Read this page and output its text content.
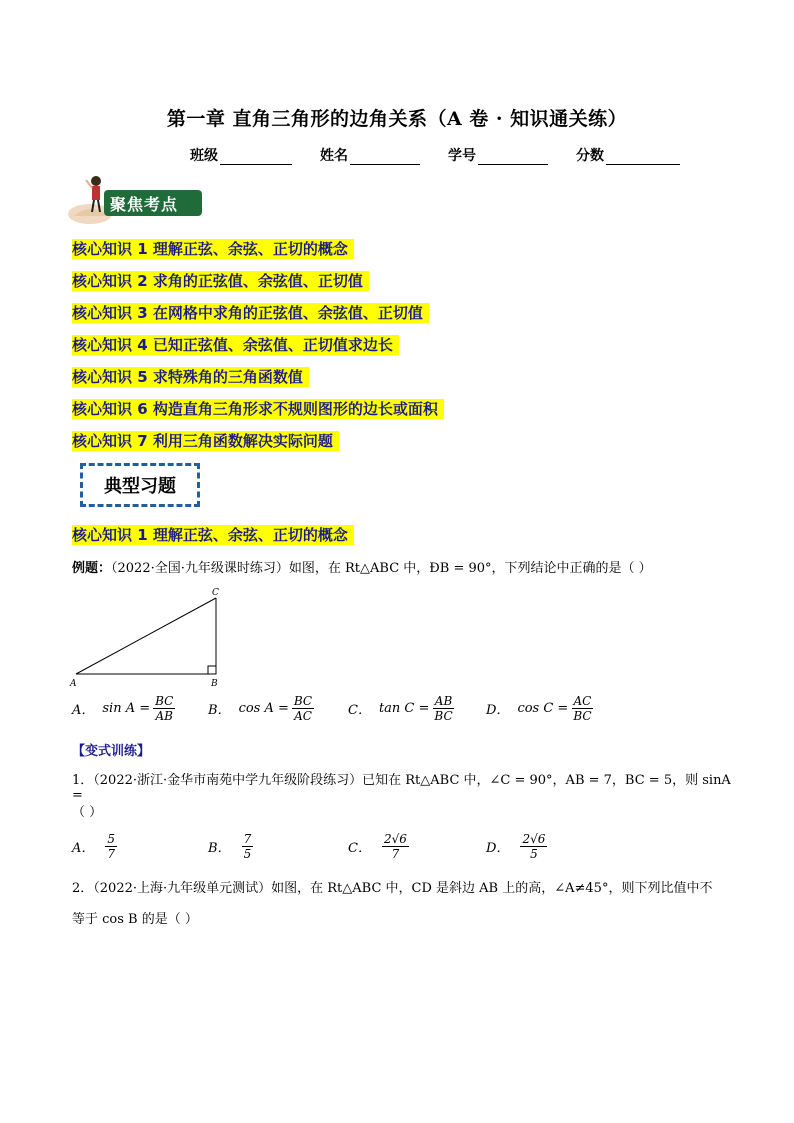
第一章 直角三角形的边角关系（A 卷 · 知识通关练）
班级	姓名	学号	分数
聚焦考点
核心知识 1 理解正弦、余弦、正切的概念
核心知识 2 求角的正弦值、余弦值、正切值
核心知识 3 在网格中求角的正弦值、余弦值、正切值
核心知识 4 已知正弦值、余弦值、正切值求边长
核心知识 5 求特殊角的三角函数值
核心知识 6 构造直角三角形求不规则图形的边长或面积
核心知识 7 利用三角函数解决实际问题
典型习题
核心知识 1 理解正弦、余弦、正切的概念
例题：（2022·全国·九年级课时练习）如图，在 Rt△ABC 中，ÐB = 90°，下列结论中正确的是（ ）
A	B
C
A． $\sin A = \frac{BC}{AB}$	B． $\cos A = \frac{BC}{AC}$	C． $\tan C = \frac{AB}{BC}$ D． $\cos C = \frac{AC}{BC}$
【变式训练】
1．（2022·浙江·金华市南苑中学九年级阶段练习）已知在 Rt△ABC 中，∠C = 90°，AB = 7，BC = 5，则 sinA =
（ ）
A． $\frac{5}{7}$	B． $\frac{7}{5}$	C． $\frac{2√6}{7}$	D． $\frac{2√6}{5}$
2．（2022·上海·九年级单元测试）如图，在 Rt△ABC 中，CD 是斜边 AB 上的高，∠A≠45°，则下列比值中不
等于 cos B 的是（ ）
